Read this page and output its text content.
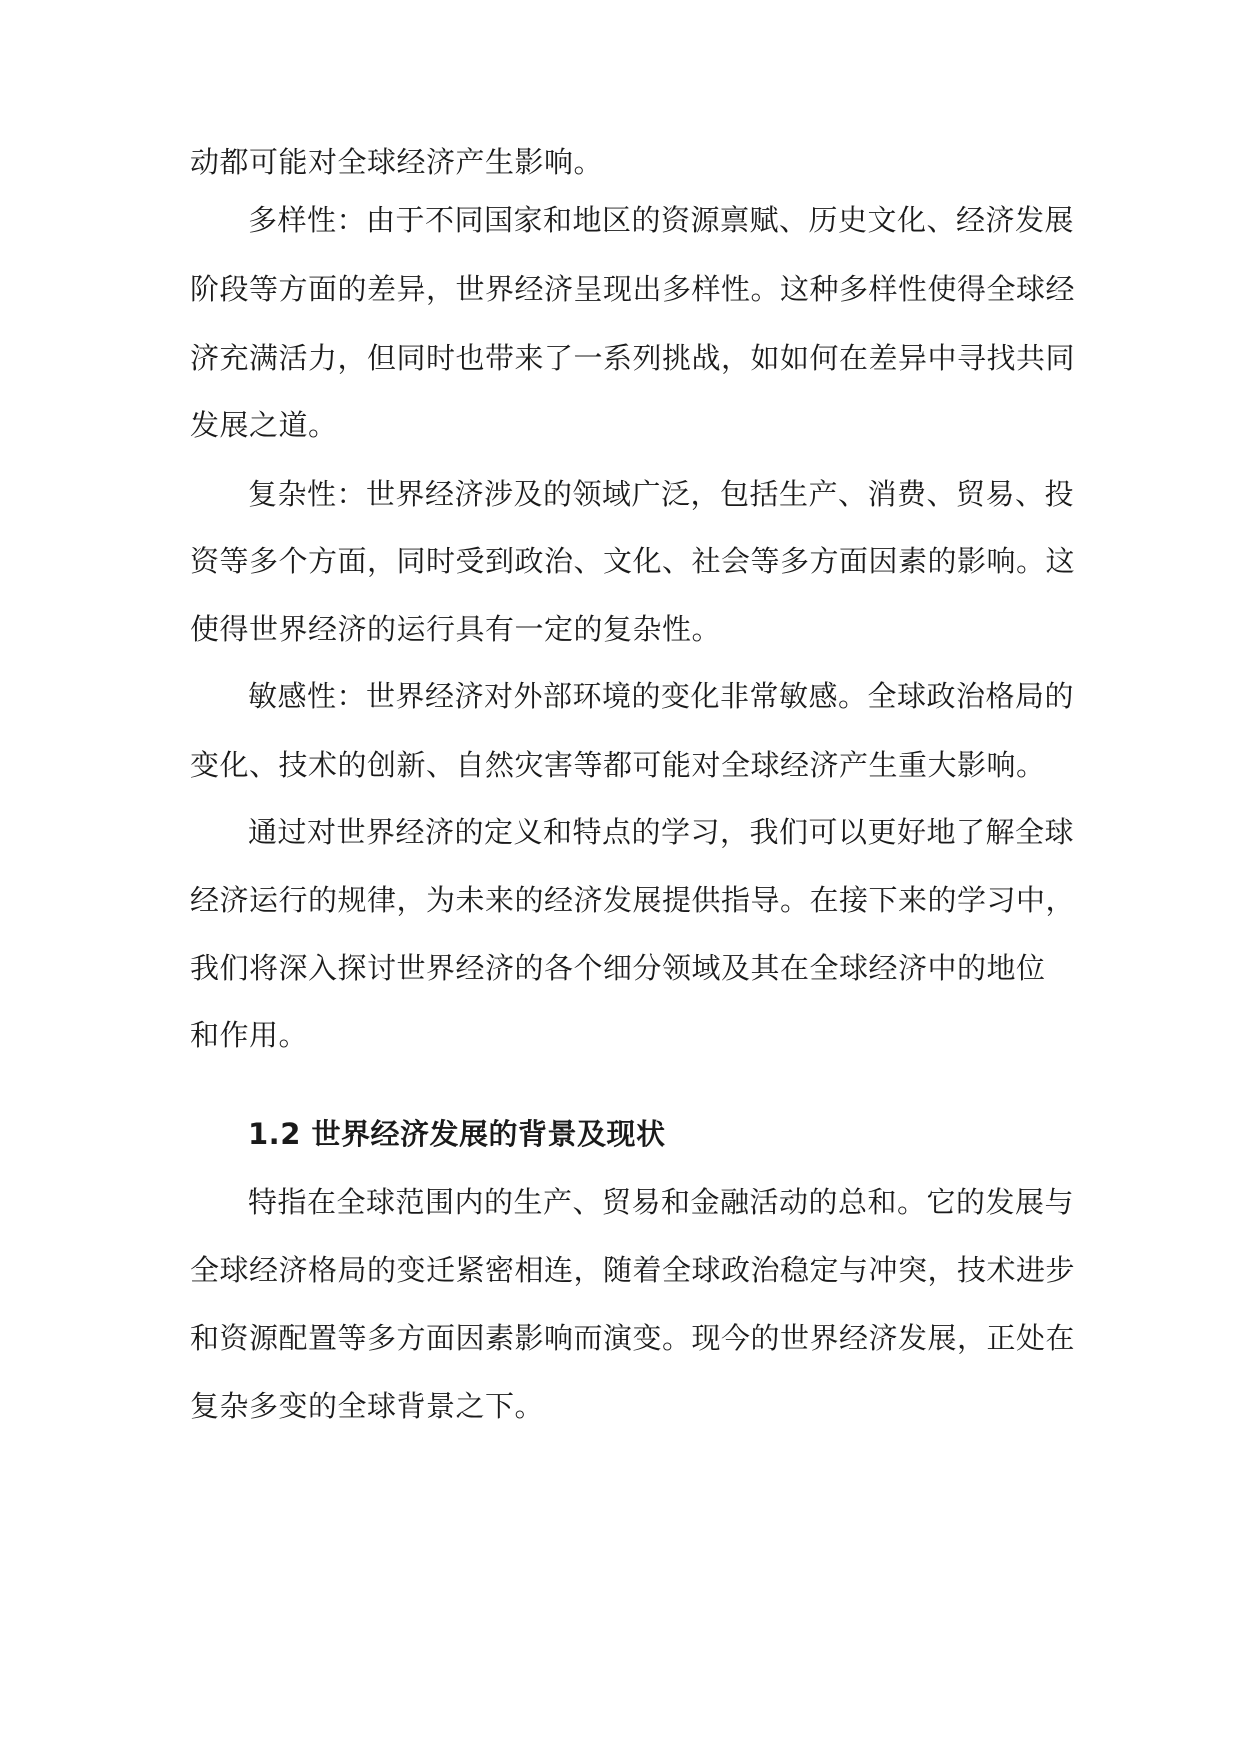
动都可能对全球经济产生影响。
多样性：由于不同国家和地区的资源禀赋、历史文化、经济发展
阶段等方面的差异，世界经济呈现出多样性。这种多样性使得全球经
济充满活力，但同时也带来了一系列挑战，如如何在差异中寻找共同
发展之道。
复杂性：世界经济涉及的领域广泛，包括生产、消费、贸易、投
资等多个方面，同时受到政治、文化、社会等多方面因素的影响。这
使得世界经济的运行具有一定的复杂性。
敏感性：世界经济对外部环境的变化非常敏感。全球政治格局的
变化、技术的创新、自然灾害等都可能对全球经济产生重大影响。
通过对世界经济的定义和特点的学习，我们可以更好地了解全球
经济运行的规律，为未来的经济发展提供指导。在接下来的学习中，
我们将深入探讨世界经济的各个细分领域及其在全球经济中的地位
和作用。
1.2 世界经济发展的背景及现状
特指在全球范围内的生产、贸易和金融活动的总和。它的发展与
全球经济格局的变迁紧密相连，随着全球政治稳定与冲突，技术进步
和资源配置等多方面因素影响而演变。现今的世界经济发展，正处在
复杂多变的全球背景之下。
